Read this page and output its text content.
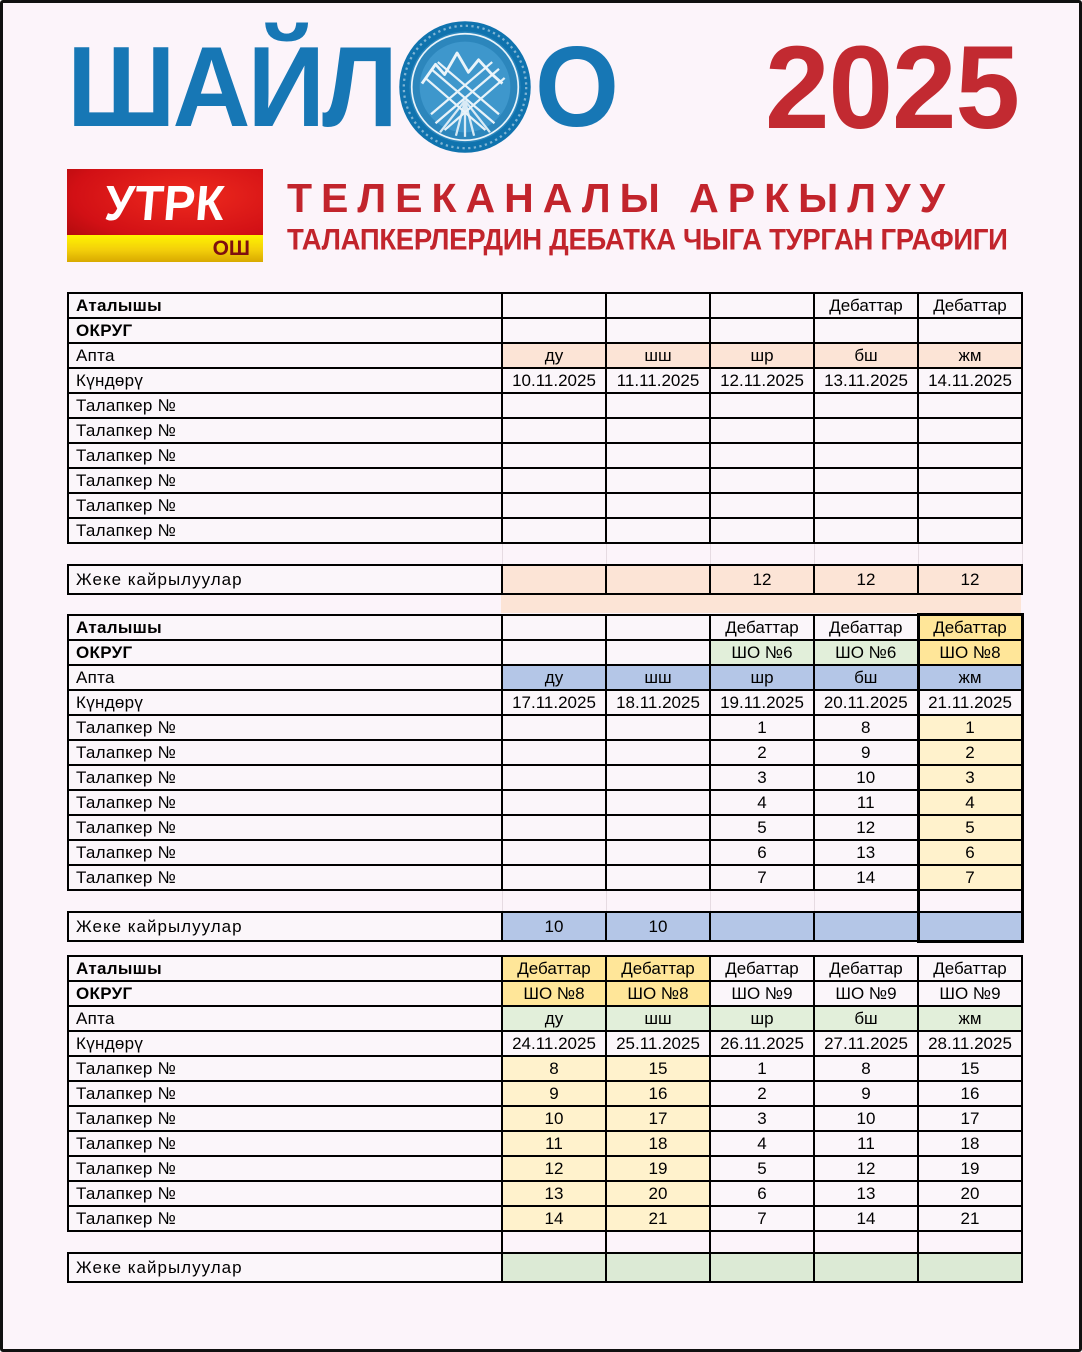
ШАЙЛ О 2025
УТРК
ОШ
ТЕЛЕКАНАЛЫ АРКЫЛУУ
ТАЛАПКЕРЛЕРДИН ДЕБАТКА ЧЫГА ТУРГАН ГРАФИГИ
Аталышы				Дебаттар	Дебаттар
ОКРУГ					
Апта	ду	шш	шр	бш	жм
Күндөрү	10.11.2025	11.11.2025	12.11.2025	13.11.2025	14.11.2025
Талапкер №					
Талапкер №					
Талапкер №					
Талапкер №					
Талапкер №					
Талапкер №					

Жеке кайрылуулар			12	12	12
Аталышы			Дебаттар	Дебаттар	Дебаттар
ОКРУГ			ШО №6	ШО №6	ШО №8
Апта	ду	шш	шр	бш	жм
Күндөрү	17.11.2025	18.11.2025	19.11.2025	20.11.2025	21.11.2025
Талапкер №			1	8	1
Талапкер №			2	9	2
Талапкер №			3	10	3
Талапкер №			4	11	4
Талапкер №			5	12	5
Талапкер №			6	13	6
Талапкер №			7	14	7

Жеке кайрылуулар	10	10			
Аталышы	Дебаттар	Дебаттар	Дебаттар	Дебаттар	Дебаттар
ОКРУГ	ШО №8	ШО №8	ШО №9	ШО №9	ШО №9
Апта	ду	шш	шр	бш	жм
Күндөрү	24.11.2025	25.11.2025	26.11.2025	27.11.2025	28.11.2025
Талапкер №	8	15	1	8	15
Талапкер №	9	16	2	9	16
Талапкер №	10	17	3	10	17
Талапкер №	11	18	4	11	18
Талапкер №	12	19	5	12	19
Талапкер №	13	20	6	13	20
Талапкер №	14	21	7	14	21

Жеке кайрылуулар					
